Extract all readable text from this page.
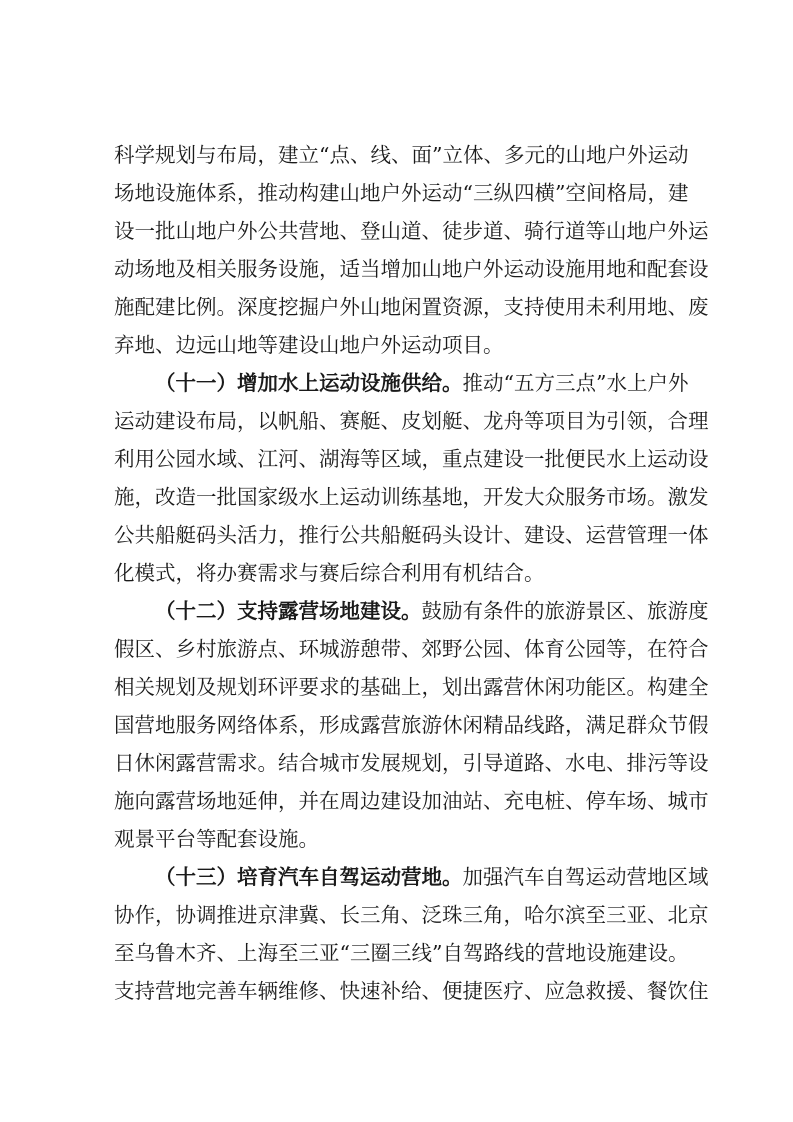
科学规划与布局，建立“点、线、面”立体、多元的山地户外运动
场地设施体系，推动构建山地户外运动“三纵四横”空间格局，建
设一批山地户外公共营地、登山道、徒步道、骑行道等山地户外运
动场地及相关服务设施，适当增加山地户外运动设施用地和配套设
施配建比例。深度挖掘户外山地闲置资源，支持使用未利用地、废
弃地、边远山地等建设山地户外运动项目。
（十一）增加水上运动设施供给。推动“五方三点”水上户外
运动建设布局，以帆船、赛艇、皮划艇、龙舟等项目为引领，合理
利用公园水域、江河、湖海等区域，重点建设一批便民水上运动设
施，改造一批国家级水上运动训练基地，开发大众服务市场。激发
公共船艇码头活力，推行公共船艇码头设计、建设、运营管理一体
化模式，将办赛需求与赛后综合利用有机结合。
（十二）支持露营场地建设。鼓励有条件的旅游景区、旅游度
假区、乡村旅游点、环城游憩带、郊野公园、体育公园等，在符合
相关规划及规划环评要求的基础上，划出露营休闲功能区。构建全
国营地服务网络体系，形成露营旅游休闲精品线路，满足群众节假
日休闲露营需求。结合城市发展规划，引导道路、水电、排污等设
施向露营场地延伸，并在周边建设加油站、充电桩、停车场、城市
观景平台等配套设施。
（十三）培育汽车自驾运动营地。加强汽车自驾运动营地区域
协作，协调推进京津冀、长三角、泛珠三角，哈尔滨至三亚、北京
至乌鲁木齐、上海至三亚“三圈三线”自驾路线的营地设施建设。
支持营地完善车辆维修、快速补给、便捷医疗、应急救援、餐饮住
